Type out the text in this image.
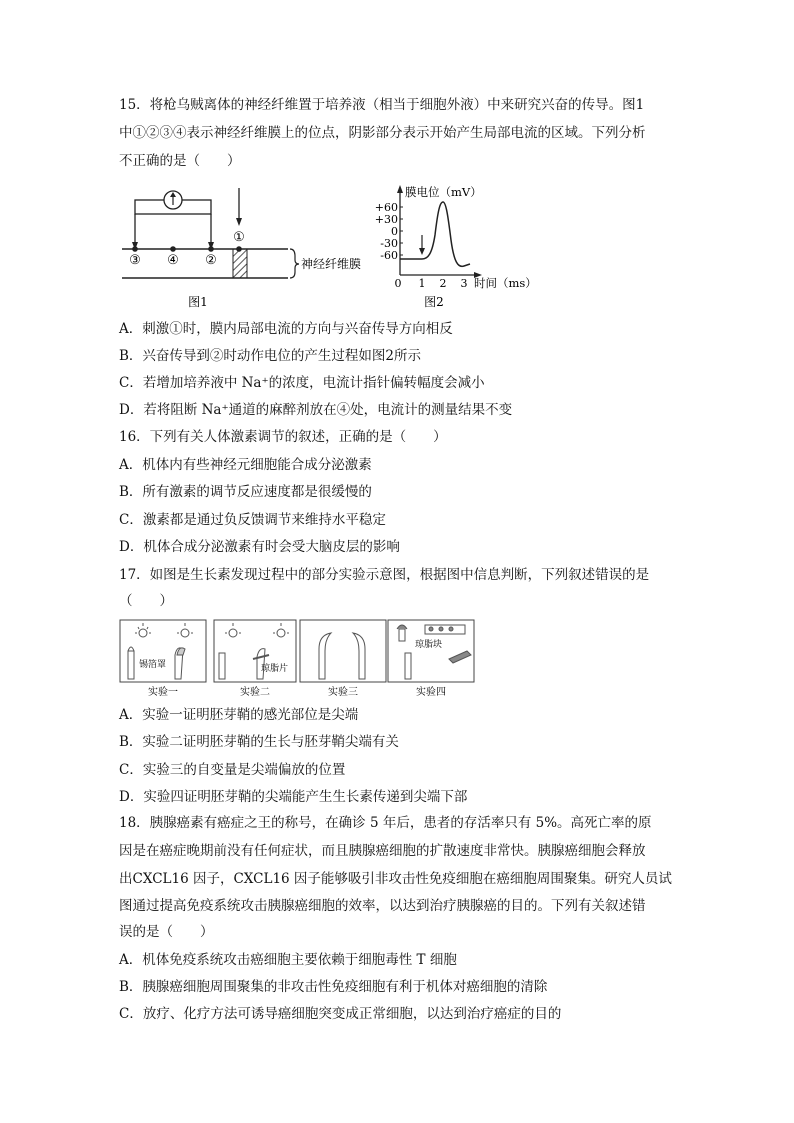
15．将枪乌贼离体的神经纤维置于培养液（相当于细胞外液）中来研究兴奋的传导。图1
中①②③④表示神经纤维膜上的位点，阴影部分表示开始产生局部电流的区域。下列分析
不正确的是（　　）
①
②
③ ④	神经纤维膜
图1
膜电位（mV）
时间（ms）
+60
+30
0
-30
-60
0 1 2 3
图2
A．刺激①时，膜内局部电流的方向与兴奋传导方向相反
B．兴奋传导到②时动作电位的产生过程如图2所示
C．若增加培养液中 Na⁺的浓度，电流计指针偏转幅度会减小
D．若将阻断 Na⁺通道的麻醉剂放在④处，电流计的测量结果不变
16．下列有关人体激素调节的叙述，正确的是（　　）
A．机体内有些神经元细胞能合成分泌激素
B．所有激素的调节反应速度都是很缓慢的
C．激素都是通过负反馈调节来维持水平稳定
D．机体合成分泌激素有时会受大脑皮层的影响
17．如图是生长素发现过程中的部分实验示意图，根据图中信息判断，下列叙述错误的是
（　　）
锡箔罩	琼脂片
琼脂块
实验一	实验二	实验三	实验四
A．实验一证明胚芽鞘的感光部位是尖端
B．实验二证明胚芽鞘的生长与胚芽鞘尖端有关
C．实验三的自变量是尖端偏放的位置
D．实验四证明胚芽鞘的尖端能产生生长素传递到尖端下部
18．胰腺癌素有癌症之王的称号，在确诊 5 年后，患者的存活率只有 5%。高死亡率的原
因是在癌症晚期前没有任何症状，而且胰腺癌细胞的扩散速度非常快。胰腺癌细胞会释放
出CXCL16 因子，CXCL16 因子能够吸引非攻击性免疫细胞在癌细胞周围聚集。研究人员试
图通过提高免疫系统攻击胰腺癌细胞的效率，以达到治疗胰腺癌的目的。下列有关叙述错
误的是（　　）
A．机体免疫系统攻击癌细胞主要依赖于细胞毒性 T 细胞
B．胰腺癌细胞周围聚集的非攻击性免疫细胞有利于机体对癌细胞的清除
C．放疗、化疗方法可诱导癌细胞突变成正常细胞，以达到治疗癌症的目的
